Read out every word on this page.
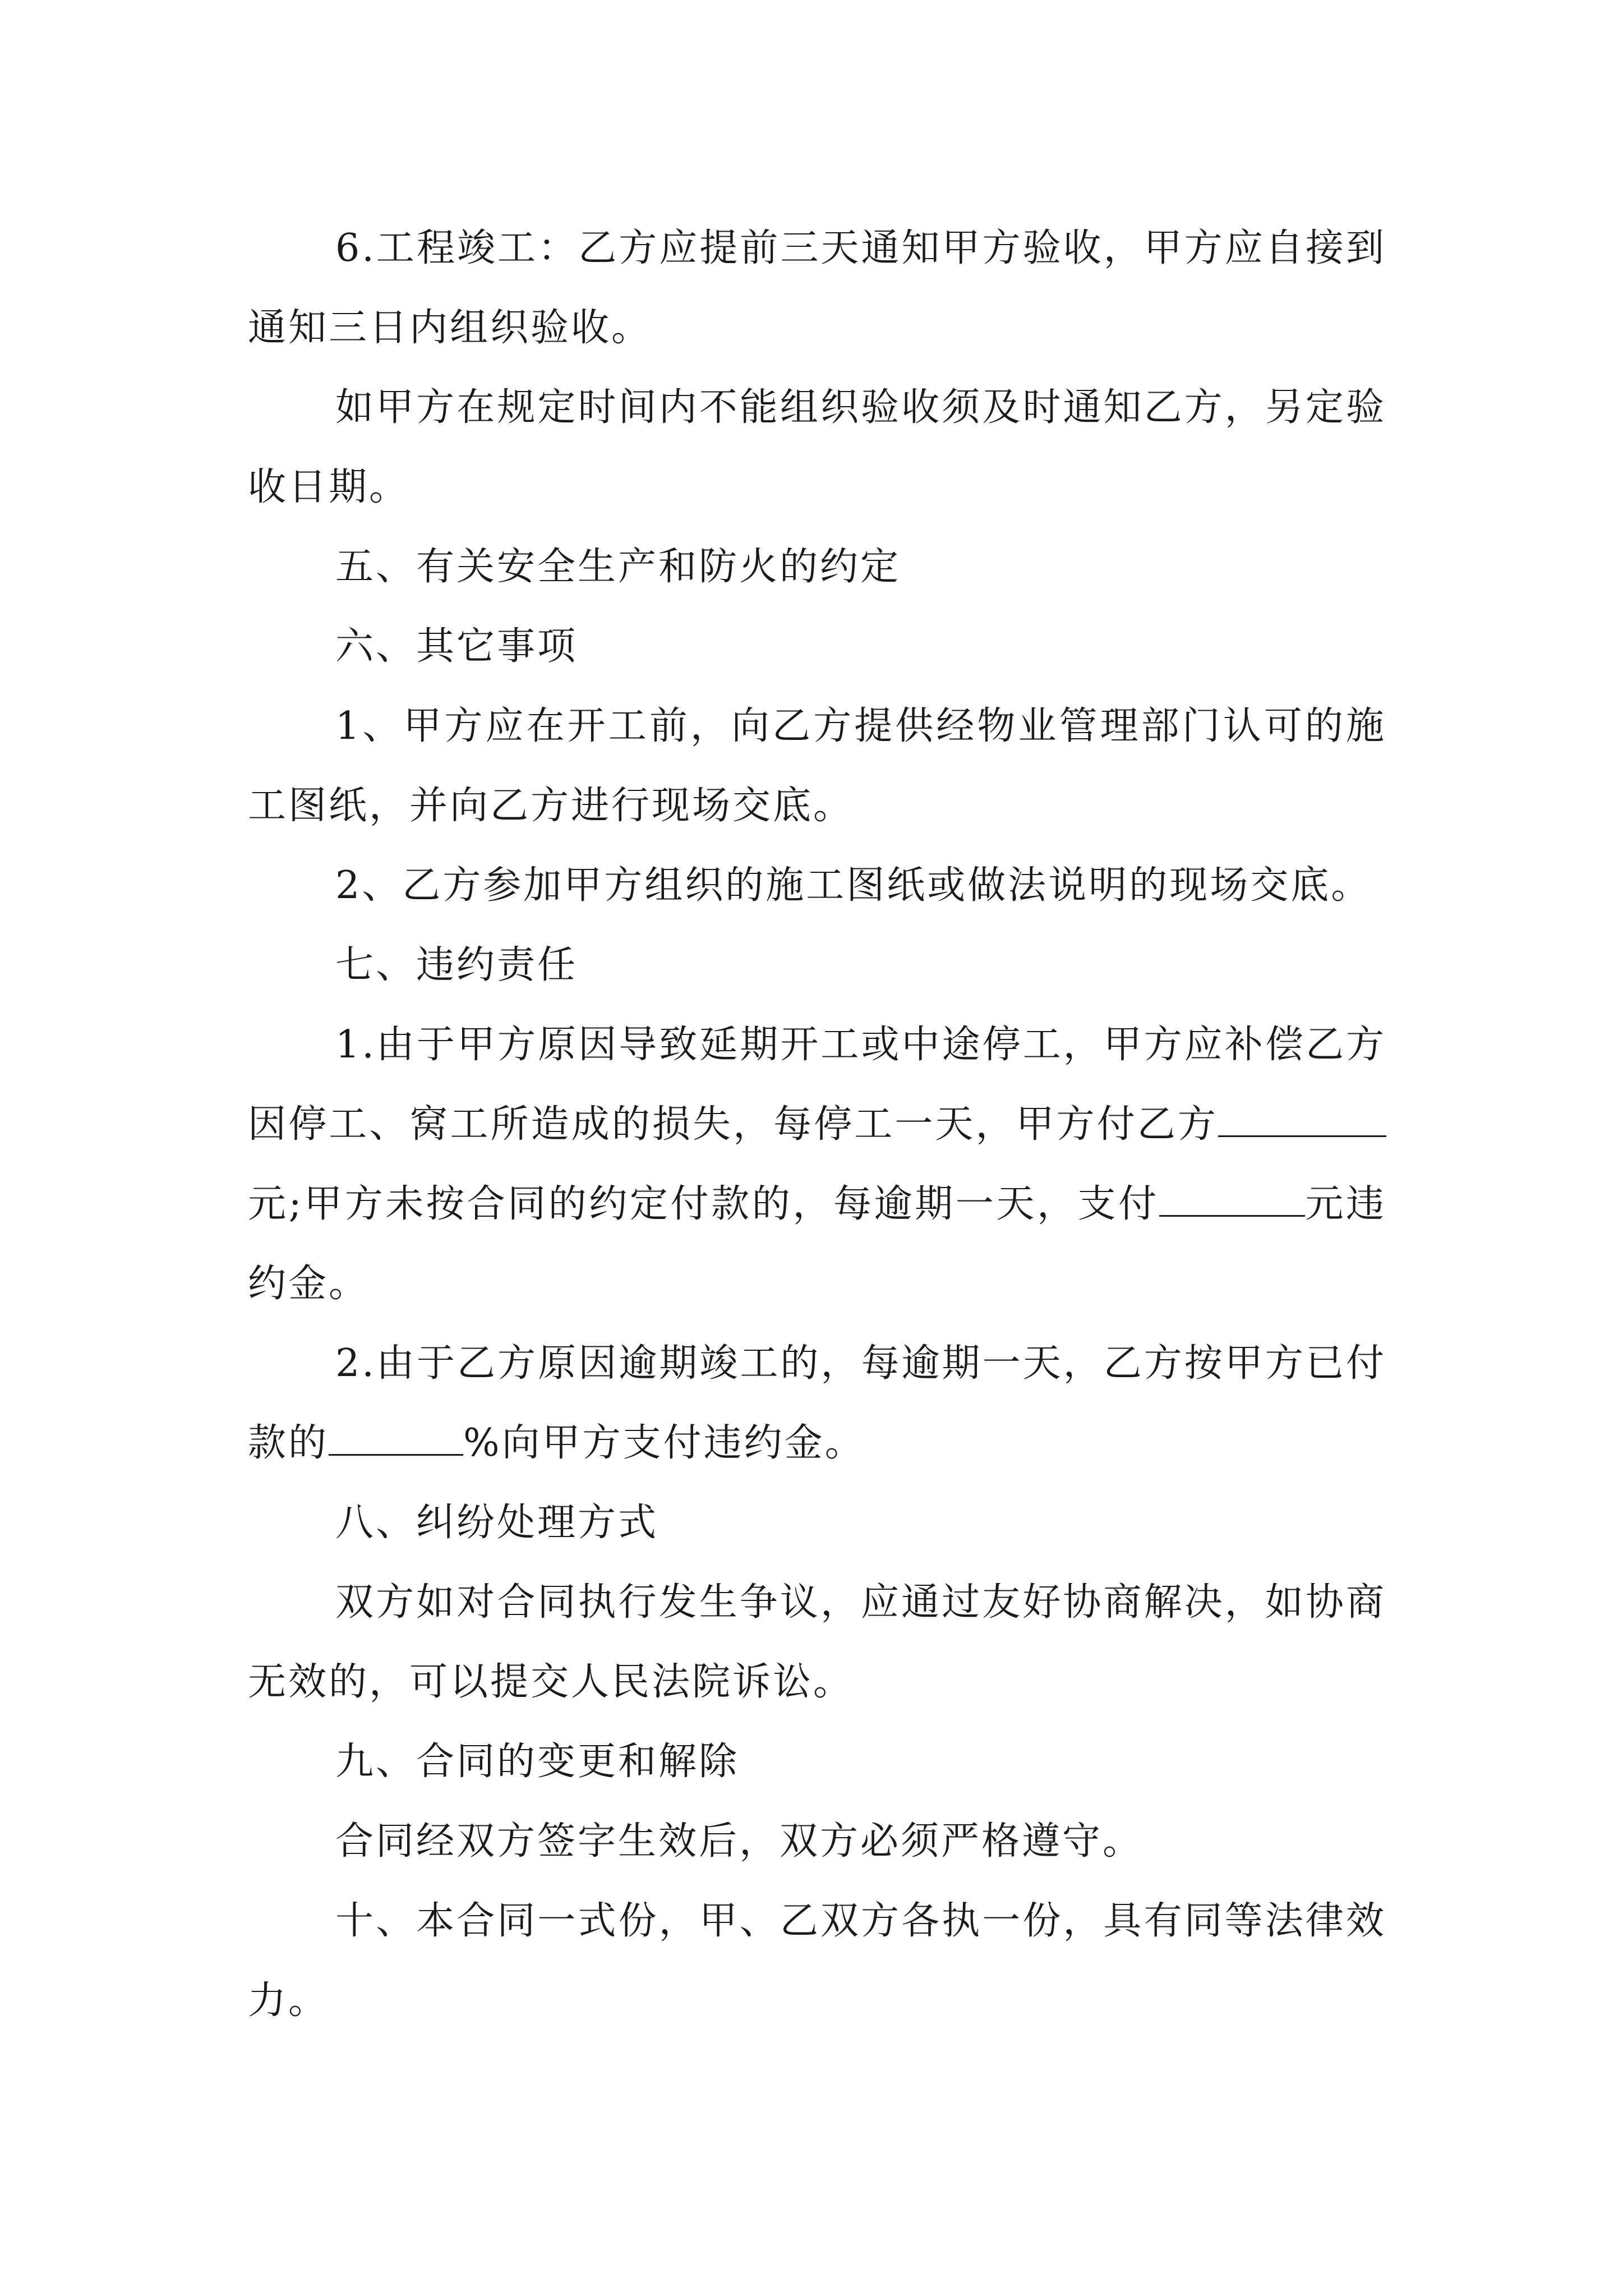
6.工程竣工：乙方应提前三天通知甲方验收，甲方应自接到通知三日内组织验收。

如甲方在规定时间内不能组织验收须及时通知乙方，另定验收日期。

五、有关安全生产和防火的约定

六、其它事项

1、甲方应在开工前，向乙方提供经物业管理部门认可的施工图纸，并向乙方进行现场交底。

2、乙方参加甲方组织的施工图纸或做法说明的现场交底。

七、违约责任

1.由于甲方原因导致延期开工或中途停工，甲方应补偿乙方因停工、窝工所造成的损失，每停工一天，甲方付乙方元;甲方未按合同的约定付款的，每逾期一天，支付	元违约金。

2.由于乙方原因逾期竣工的，每逾期一天，乙方按甲方已付款的	%向甲方支付违约金。

八、纠纷处理方式

双方如对合同执行发生争议，应通过友好协商解决，如协商无效的，可以提交人民法院诉讼。

九、合同的变更和解除

合同经双方签字生效后，双方必须严格遵守。

十、本合同一式份，甲、乙双方各执一份，具有同等法律效力。
